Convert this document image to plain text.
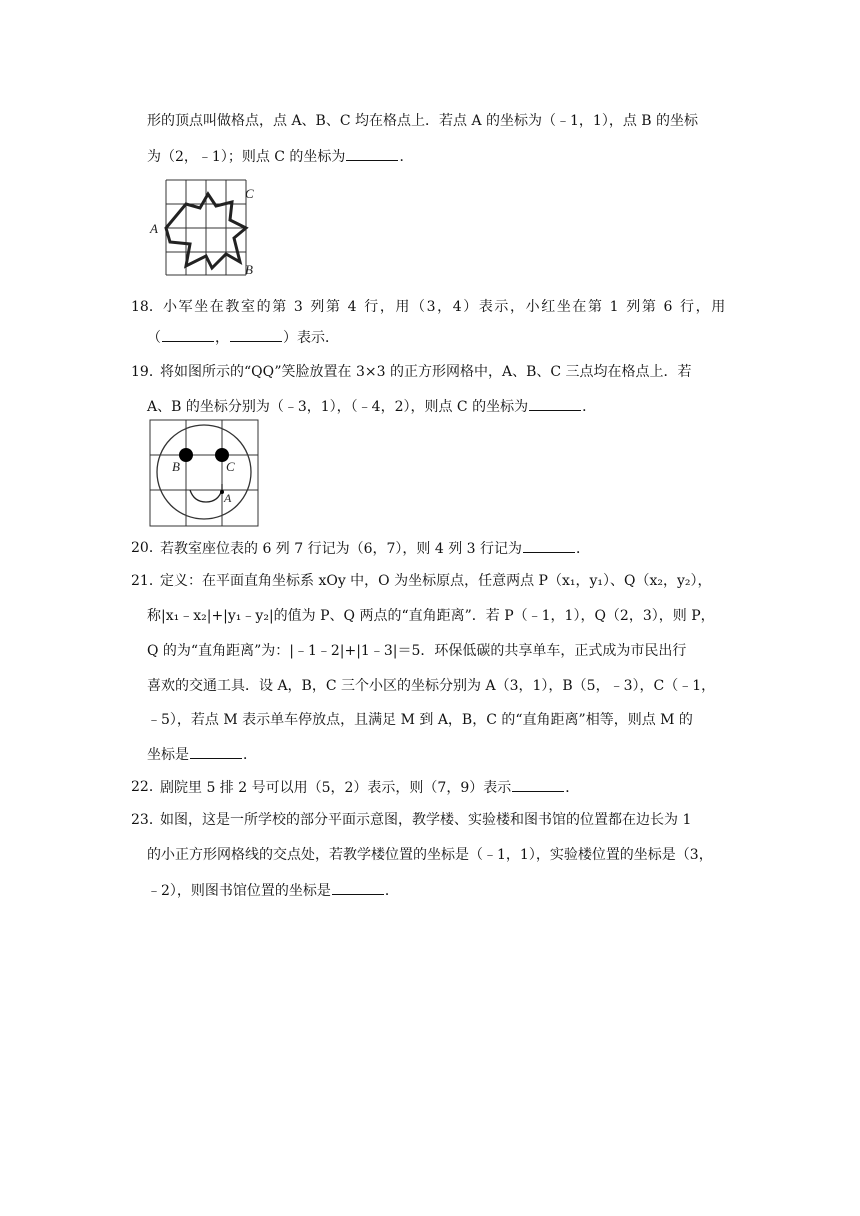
形的顶点叫做格点，点 A、B、C 均在格点上．若点 A 的坐标为（﹣1，1），点 B 的坐标
为（2，﹣1）；则点 C 的坐标为	．
A
C
B
18． 小军坐在教室的第 3 列第 4 行，用（3，4）表示，小红坐在第 1 列第 6 行，用
（	，	）表示．
19．
将如图所示的“QQ”笑脸放置在 3×3 的正方形网格中，A、B、C 三点均在格点上．若
A、B 的坐标分别为（﹣3，1），（﹣4，2），则点 C 的坐标为	．
B	C
A
20．
若教室座位表的 6 列 7 行记为（6，7），则 4 列 3 行记为	．
21．
定义：在平面直角坐标系 xOy 中，O 为坐标原点，任意两点 P（x₁，y₁）、Q（x₂，y₂），
称|x₁﹣x₂|+|y₁﹣y₂|的值为 P、Q 两点的“直角距离”．若 P（﹣1，1），Q（2，3），则 P，
Q 的为“直角距离”为：|﹣1﹣2|+|1﹣3|＝5．环保低碳的共享单车，正式成为市民出行
喜欢的交通工具．设 A，B，C 三个小区的坐标分别为 A（3，1），B（5，﹣3），C（﹣1，
﹣5），若点 M 表示单车停放点，且满足 M 到 A，B，C 的“直角距离”相等，则点 M 的
坐标是	．
22．
剧院里 5 排 2 号可以用（5，2）表示，则（7，9）表示	．
23．
如图，这是一所学校的部分平面示意图，教学楼、实验楼和图书馆的位置都在边长为 1
的小正方形网格线的交点处，若教学楼位置的坐标是（﹣1，1），实验楼位置的坐标是（3，
﹣2），则图书馆位置的坐标是	．
